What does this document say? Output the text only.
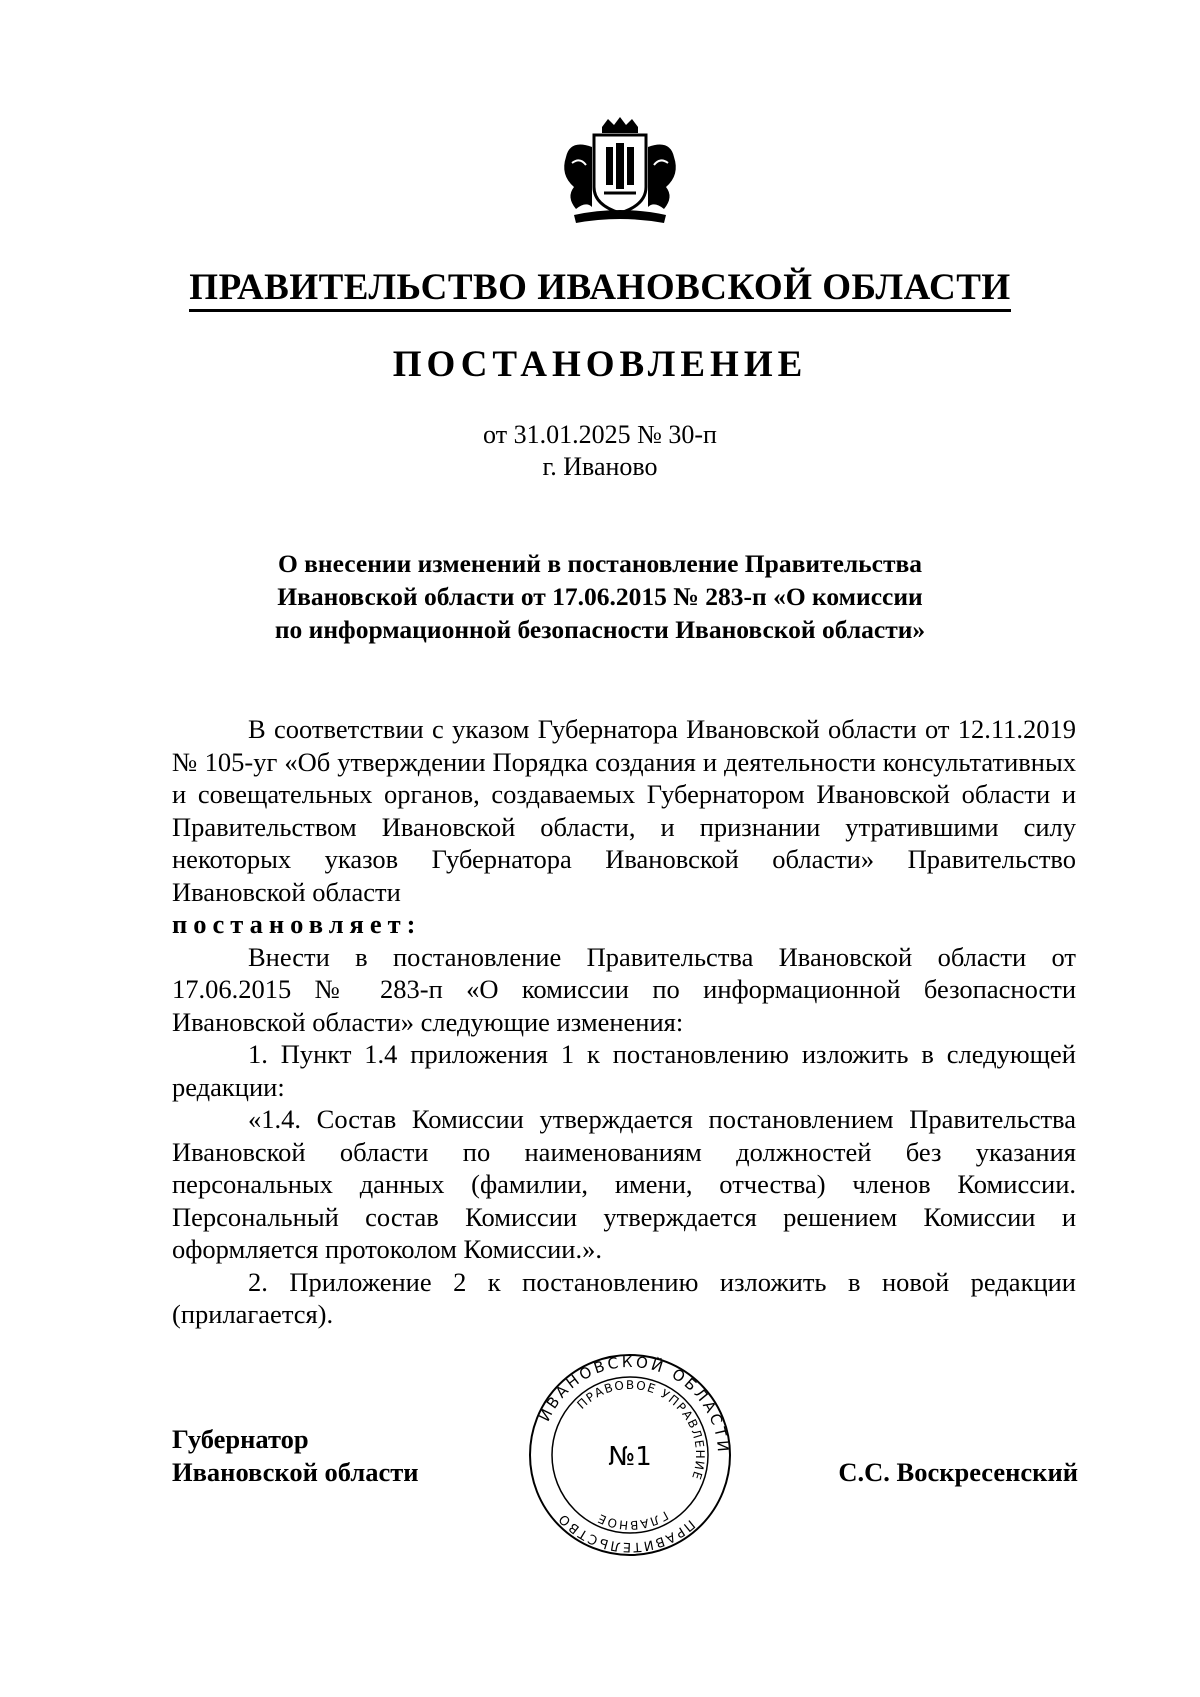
ПРАВИТЕЛЬСТВО ИВАНОВСКОЙ ОБЛАСТИ
ПОСТАНОВЛЕНИЕ
от 31.01.2025 № 30-п
г. Иваново
О внесении изменений в постановление Правительства
Ивановской области от 17.06.2015 № 283-п «О комиссии
по информационной безопасности Ивановской области»

В соответствии с указом Губернатора Ивановской области от 12.11.2019 № 105-уг «Об утверждении Порядка создания и деятельности консультативных и совещательных органов, создаваемых Губернатором Ивановской области и Правительством Ивановской области, и признании утратившими силу некоторых указов Губернатора Ивановской области» Правительство Ивановской области

постановляет:

Внести в постановление Правительства Ивановской области от 17.06.2015 № 283-п «О комиссии по информационной безопасности Ивановской области» следующие изменения:

1. Пункт 1.4 приложения 1 к постановлению изложить в следующей редакции:

«1.4. Состав Комиссии утверждается постановлением Правительства Ивановской области по наименованиям должностей без указания персональных данных (фамилии, имени, отчества) членов Комиссии. Персональный состав Комиссии утверждается решением Комиссии и оформляется протоколом Комиссии.».

2. Приложение 2 к постановлению изложить в новой редакции (прилагается).

Губернатор
Ивановской области
ИВАНОВСКОЙ ОБЛАСТИ
ПРАВИТЕЛЬСТВО
ПРАВОВОЕ УПРАВЛЕНИЕ
ГЛАВНОЕ
№1	С.С. Воскресенский
